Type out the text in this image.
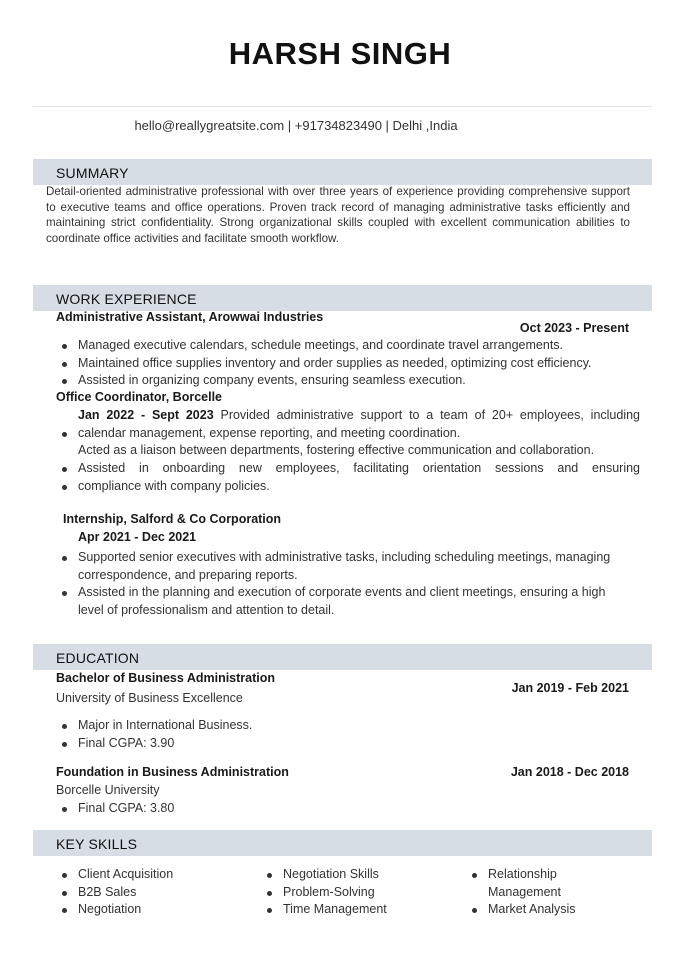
HARSH SINGH
hello@reallygreatsite.com | +91734823490 | Delhi ,India
SUMMARY
Detail-oriented administrative professional with over three years of experience providing comprehensive support to executive teams and office operations. Proven track record of managing administrative tasks efficiently and maintaining strict confidentiality. Strong organizational skills coupled with excellent communication abilities to coordinate office activities and facilitate smooth workflow.
WORK EXPERIENCE
Administrative Assistant, Arowwai Industries
Oct 2023 - Present
Managed executive calendars, schedule meetings, and coordinate travel arrangements.
Maintained office supplies inventory and order supplies as needed, optimizing cost efficiency.
Assisted in organizing company events, ensuring seamless execution.
Office Coordinator, Borcelle
Jan 2022 - Sept 2023 Provided administrative support to a team of 20+ employees, including
calendar management, expense reporting, and meeting coordination.
Acted as a liaison between departments, fostering effective communication and collaboration.
Assisted in onboarding new employees, facilitating orientation sessions and ensuring
compliance with company policies.
Internship, Salford & Co Corporation
Apr 2021 - Dec 2021
Supported senior executives with administrative tasks, including scheduling meetings, managing correspondence, and preparing reports.
Assisted in the planning and execution of corporate events and client meetings, ensuring a high level of professionalism and attention to detail.
EDUCATION
Bachelor of Business Administration
University of Business Excellence
Jan 2019 - Feb 2021
Major in International Business.
Final CGPA: 3.90
Foundation in Business Administration
Borcelle University
Jan 2018 - Dec 2018
Final CGPA: 3.80
KEY SKILLS
Client Acquisition
B2B Sales
Negotiation
Negotiation Skills
Problem-Solving
Time Management
Relationship Management
Market Analysis
